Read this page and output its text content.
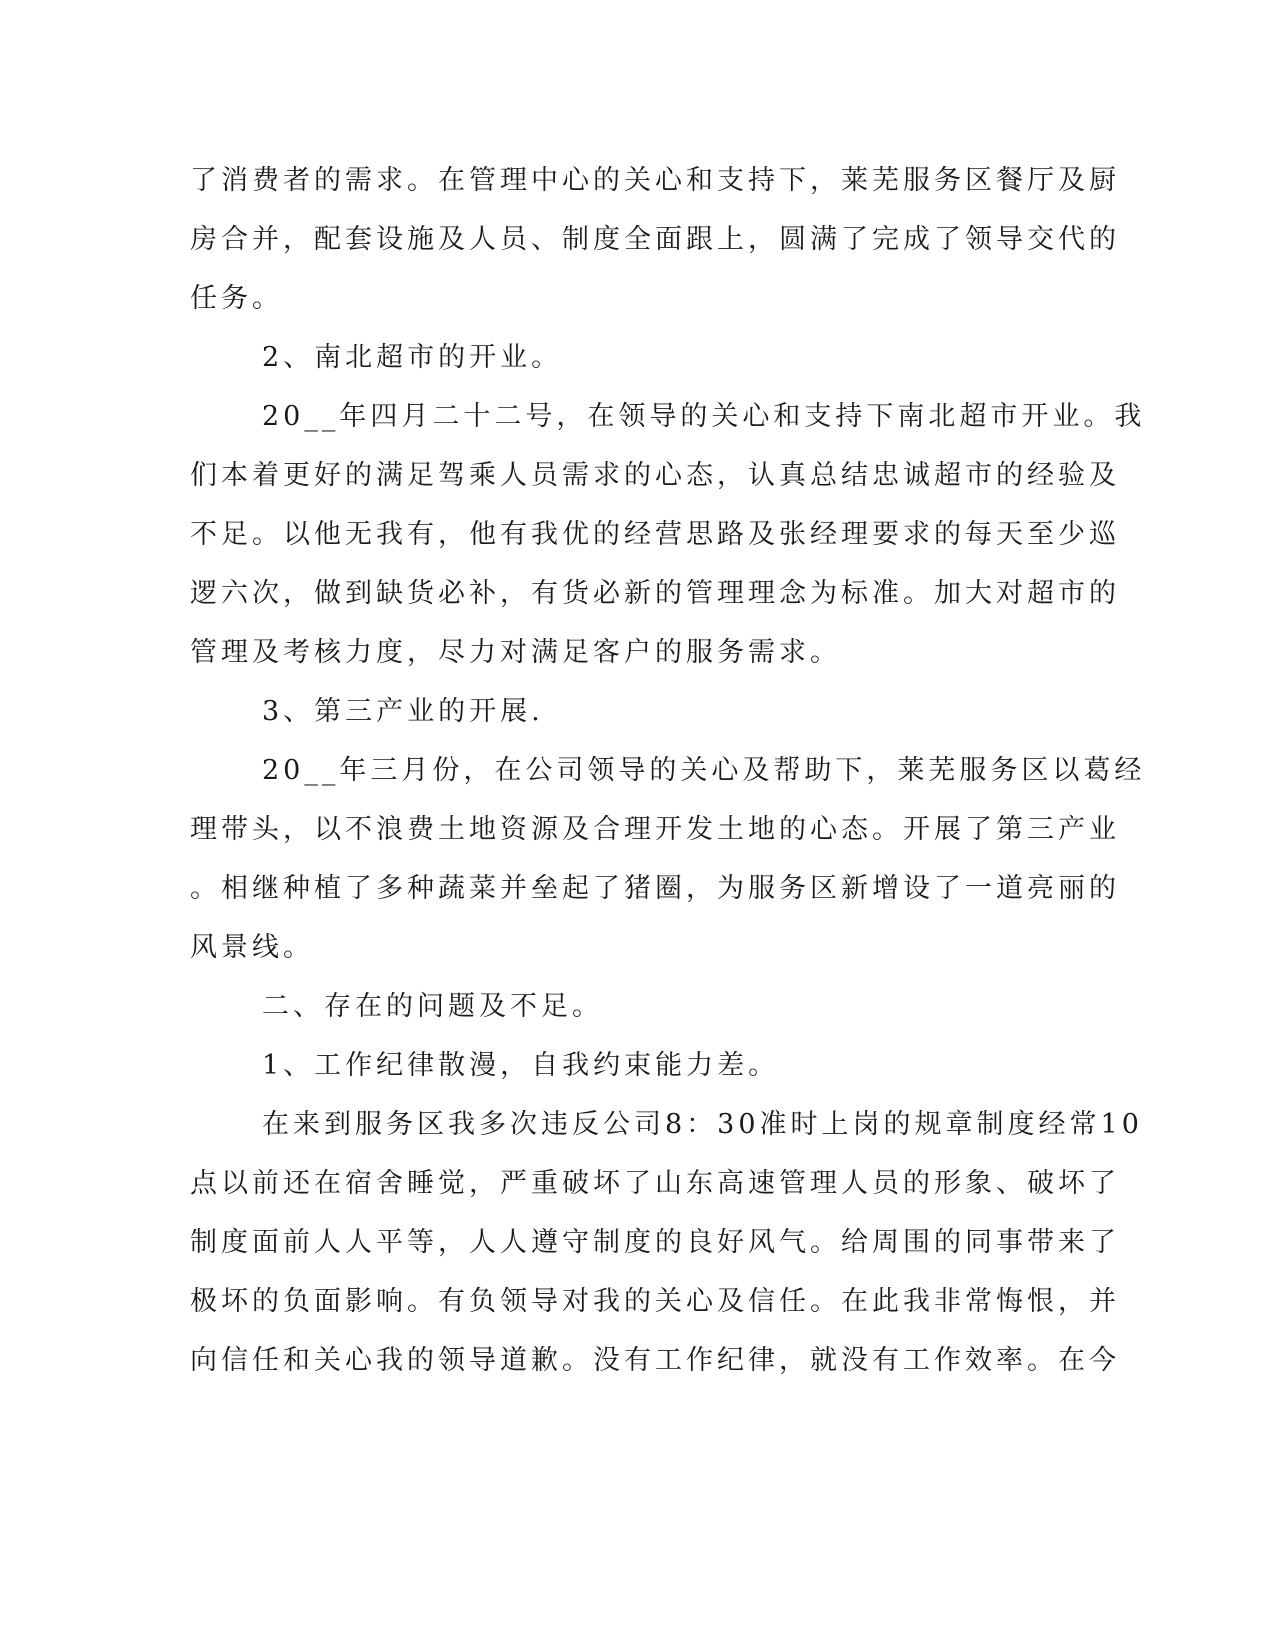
了消费者的需求。在管理中心的关心和支持下，莱芜服务区餐厅及厨

房合并，配套设施及人员、制度全面跟上，圆满了完成了领导交代的

任务。

2、南北超市的开业。

20__年四月二十二号，在领导的关心和支持下南北超市开业。我

们本着更好的满足驾乘人员需求的心态，认真总结忠诚超市的经验及

不足。以他无我有，他有我优的经营思路及张经理要求的每天至少巡

逻六次，做到缺货必补，有货必新的管理理念为标准。加大对超市的

管理及考核力度，尽力对满足客户的服务需求。

3、第三产业的开展.

20__年三月份，在公司领导的关心及帮助下，莱芜服务区以葛经

理带头，以不浪费土地资源及合理开发土地的心态。开展了第三产业

。相继种植了多种蔬菜并垒起了猪圈，为服务区新增设了一道亮丽的

风景线。

二、存在的问题及不足。

1、工作纪律散漫，自我约束能力差。

在来到服务区我多次违反公司8：30准时上岗的规章制度经常10

点以前还在宿舍睡觉，严重破坏了山东高速管理人员的形象、破坏了

制度面前人人平等，人人遵守制度的良好风气。给周围的同事带来了

极坏的负面影响。有负领导对我的关心及信任。在此我非常悔恨，并

向信任和关心我的领导道歉。没有工作纪律，就没有工作效率。在今
